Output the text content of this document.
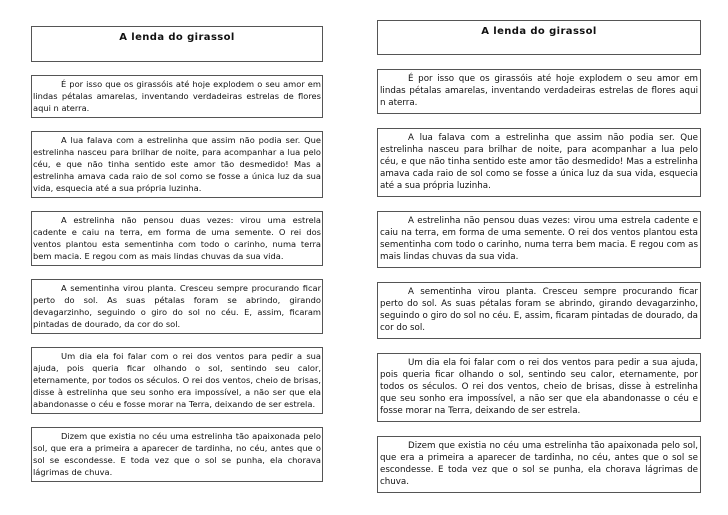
A lenda do girassol
É por isso que os girassóis até hoje explodem o seu amor em lindas pétalas amarelas, inventando verdadeiras estrelas de flores aqui n aterra.
A lua falava com a estrelinha que assim não podia ser. Que estrelinha nasceu para brilhar de noite, para acompanhar a lua pelo céu, e que não tinha sentido este amor tão desmedido! Mas a estrelinha amava cada raio de sol como se fosse a única luz da sua vida, esquecia até a sua própria luzinha.
A estrelinha não pensou duas vezes: virou uma estrela cadente e caiu na terra, em forma de uma semente. O rei dos ventos plantou esta sementinha com todo o carinho, numa terra bem macia. E regou com as mais lindas chuvas da sua vida.
A sementinha virou planta. Cresceu sempre procurando ficar perto do sol. As suas pétalas foram se abrindo, girando devagarzinho, seguindo o giro do sol no céu. E, assim, ficaram pintadas de dourado, da cor do sol.
Um dia ela foi falar com o rei dos ventos para pedir a sua ajuda, pois queria ficar olhando o sol, sentindo seu calor, eternamente, por todos os séculos. O rei dos ventos, cheio de brisas, disse à estrelinha que seu sonho era impossível, a não ser que ela abandonasse o céu e fosse morar na Terra, deixando de ser estrela.
Dizem que existia no céu uma estrelinha tão apaixonada pelo sol, que era a primeira a aparecer de tardinha, no céu, antes que o sol se escondesse. E toda vez que o sol se punha, ela chorava lágrimas de chuva.
A lenda do girassol
É por isso que os girassóis até hoje explodem o seu amor em lindas pétalas amarelas, inventando verdadeiras estrelas de flores aqui n aterra.
A lua falava com a estrelinha que assim não podia ser. Que estrelinha nasceu para brilhar de noite, para acompanhar a lua pelo céu, e que não tinha sentido este amor tão desmedido! Mas a estrelinha amava cada raio de sol como se fosse a única luz da sua vida, esquecia até a sua própria luzinha.
A estrelinha não pensou duas vezes: virou uma estrela cadente e caiu na terra, em forma de uma semente. O rei dos ventos plantou esta sementinha com todo o carinho, numa terra bem macia. E regou com as mais lindas chuvas da sua vida.
A sementinha virou planta. Cresceu sempre procurando ficar perto do sol. As suas pétalas foram se abrindo, girando devagarzinho, seguindo o giro do sol no céu. E, assim, ficaram pintadas de dourado, da cor do sol.
Um dia ela foi falar com o rei dos ventos para pedir a sua ajuda, pois queria ficar olhando o sol, sentindo seu calor, eternamente, por todos os séculos. O rei dos ventos, cheio de brisas, disse à estrelinha que seu sonho era impossível, a não ser que ela abandonasse o céu e fosse morar na Terra, deixando de ser estrela.
Dizem que existia no céu uma estrelinha tão apaixonada pelo sol, que era a primeira a aparecer de tardinha, no céu, antes que o sol se escondesse. E toda vez que o sol se punha, ela chorava lágrimas de chuva.
